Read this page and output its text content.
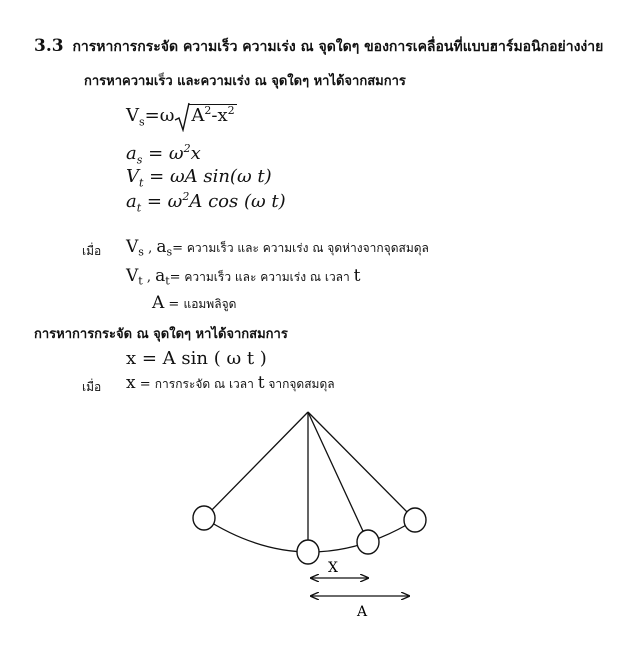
3.3 การหาการกระจัด ความเร็ว ความเร่ง ณ จุดใดๆ ของการเคลื่อนที่แบบฮาร์มอนิกอย่างง่าย
การหาความเร็ว และความเร่ง ณ จุดใดๆ หาได้จากสมการ
$V_s=\omega$ $A^2-x^2$
$a_s = \omega^2x$
$V_t = \omega A$ sin(ω t)
$a_t = \omega^2A$ cos (ω t)
เมื่อ $V_s$ , $a_s=$ ความเร็ว และ ความเร่ง ณ จุดห่างจากจุดสมดุล
$V_t$ , $a_t=$ ความเร็ว และ ความเร่ง ณ เวลา t
A = แอมพลิจูด
การหาการกระจัด ณ จุดใดๆ หาได้จากสมการ
x = A sin ( ω t )
เมื่อ x = การกระจัด ณ เวลา t จากจุดสมดุล
X
A
